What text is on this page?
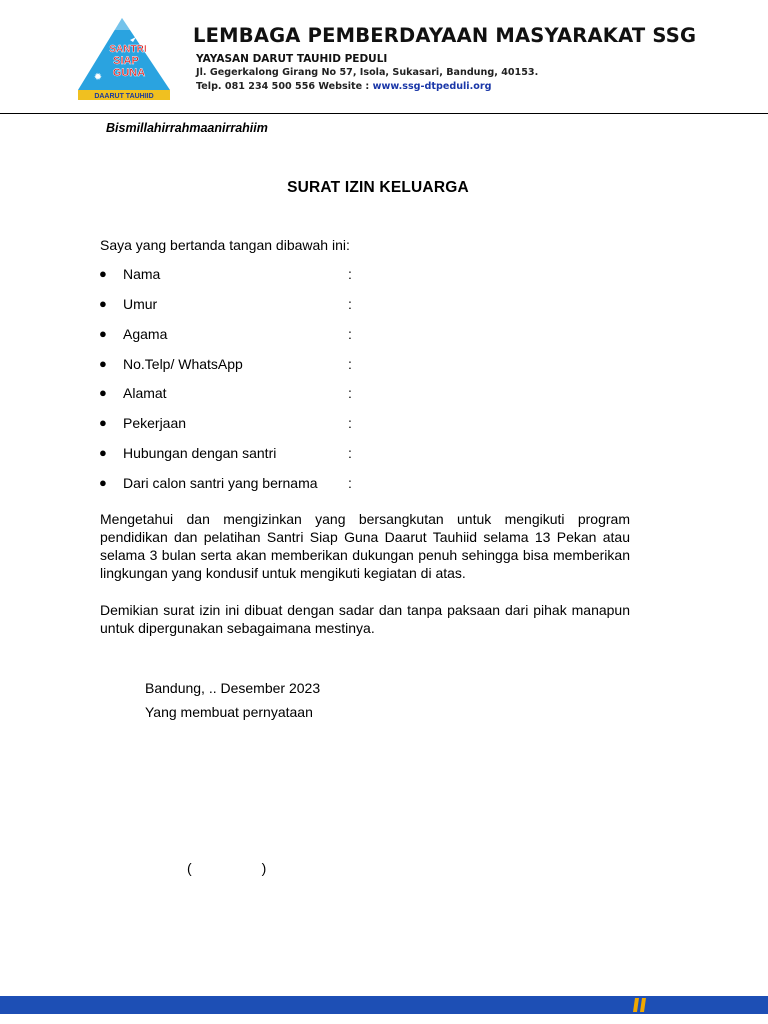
SANTRI
SIAP
GUNA
✹
DAARUT TAUHIID
LEMBAGA PEMBERDAYAAN MASYARAKAT SSG
YAYASAN DARUT TAUHID PEDULI
Jl. Gegerkalong Girang No 57, Isola, Sukasari, Bandung, 40153.
Telp. 081 234 500 556 Website : www.ssg-dtpeduli.org
Bismillahirrahmaanirrahiim
SURAT IZIN KELUARGA
Saya yang bertanda tangan dibawah ini:
● Nama	:
● Umur	:
● Agama	:
● No.Telp/ WhatsApp	:
● Alamat	:
● Pekerjaan	:
● Hubungan dengan santri	:
● Dari calon santri yang bernama :
Mengetahui dan mengizinkan yang bersangkutan untuk mengikuti program pendidikan dan pelatihan Santri Siap Guna Daarut Tauhiid selama 13 Pekan atau selama 3 bulan serta akan memberikan dukungan penuh sehingga bisa memberikan lingkungan yang kondusif untuk mengikuti kegiatan di atas.
Demikian surat izin ini dibuat dengan sadar dan tanpa paksaan dari pihak manapun untuk dipergunakan sebagaimana mestinya.
Bandung, .. Desember 2023
Yang membuat pernyataan
(	)
